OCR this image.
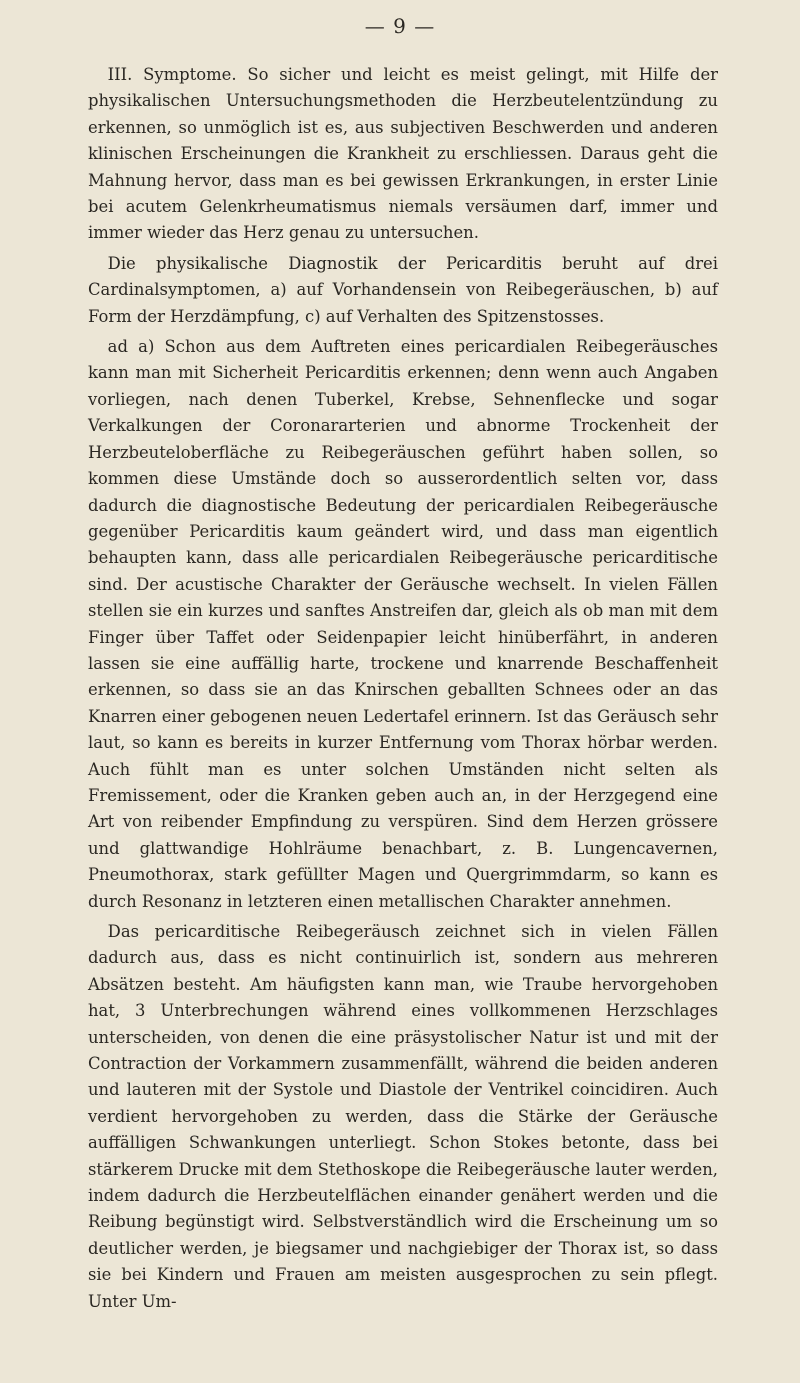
— 9 —

III. Symptome. So sicher und leicht es meist gelingt, mit Hilfe der physikalischen Untersuchungsmethoden die Herzbeutelentzündung zu erkennen, so unmöglich ist es, aus subjectiven Beschwerden und anderen klinischen Erscheinungen die Krankheit zu erschliessen. Daraus geht die Mahnung hervor, dass man es bei gewissen Erkrankungen, in erster Linie bei acutem Gelenkrheumatismus niemals versäumen darf, immer und immer wieder das Herz genau zu untersuchen.

Die physikalische Diagnostik der Pericarditis beruht auf drei Cardinalsymptomen, a) auf Vorhandensein von Reibegeräuschen, b) auf Form der Herzdämpfung, c) auf Verhalten des Spitzenstosses.

ad a) Schon aus dem Auftreten eines pericardialen Reibegeräusches kann man mit Sicherheit Pericarditis erkennen; denn wenn auch Angaben vorliegen, nach denen Tuberkel, Krebse, Sehnenflecke und sogar Verkalkungen der Coronararterien und abnorme Trockenheit der Herzbeuteloberfläche zu Reibegeräuschen geführt haben sollen, so kommen diese Umstände doch so ausserordentlich selten vor, dass dadurch die diagnostische Bedeutung der pericardialen Reibegeräusche gegenüber Pericarditis kaum geändert wird, und dass man eigentlich behaupten kann, dass alle pericardialen Reibegeräusche pericarditische sind. Der acustische Charakter der Geräusche wechselt. In vielen Fällen stellen sie ein kurzes und sanftes Anstreifen dar, gleich als ob man mit dem Finger über Taffet oder Seidenpapier leicht hinüberfährt, in anderen lassen sie eine auffällig harte, trockene und knarrende Beschaffenheit erkennen, so dass sie an das Knirschen geballten Schnees oder an das Knarren einer gebogenen neuen Ledertafel erinnern. Ist das Geräusch sehr laut, so kann es bereits in kurzer Entfernung vom Thorax hörbar werden. Auch fühlt man es unter solchen Umständen nicht selten als Fremissement, oder die Kranken geben auch an, in der Herzgegend eine Art von reibender Empfindung zu verspüren. Sind dem Herzen grössere und glattwandige Hohlräume benachbart, z. B. Lungencavernen, Pneumothorax, stark gefüllter Magen und Quergrimmdarm, so kann es durch Resonanz in letzteren einen metallischen Charakter annehmen.

Das pericarditische Reibegeräusch zeichnet sich in vielen Fällen dadurch aus, dass es nicht continuirlich ist, sondern aus mehreren Absätzen besteht. Am häufigsten kann man, wie Traube hervorgehoben hat, 3 Unterbrechungen während eines vollkommenen Herzschlages unterscheiden, von denen die eine präsystolischer Natur ist und mit der Contraction der Vorkammern zusammenfällt, während die beiden anderen und lauteren mit der Systole und Diastole der Ventrikel coincidiren. Auch verdient hervorgehoben zu werden, dass die Stärke der Geräusche auffälligen Schwankungen unterliegt. Schon Stokes betonte, dass bei stärkerem Drucke mit dem Stethoskope die Reibegeräusche lauter werden, indem dadurch die Herzbeutelflächen einander genähert werden und die Reibung begünstigt wird. Selbstverständlich wird die Erscheinung um so deutlicher werden, je biegsamer und nachgiebiger der Thorax ist, so dass sie bei Kindern und Frauen am meisten ausgesprochen zu sein pflegt. Unter Um-
